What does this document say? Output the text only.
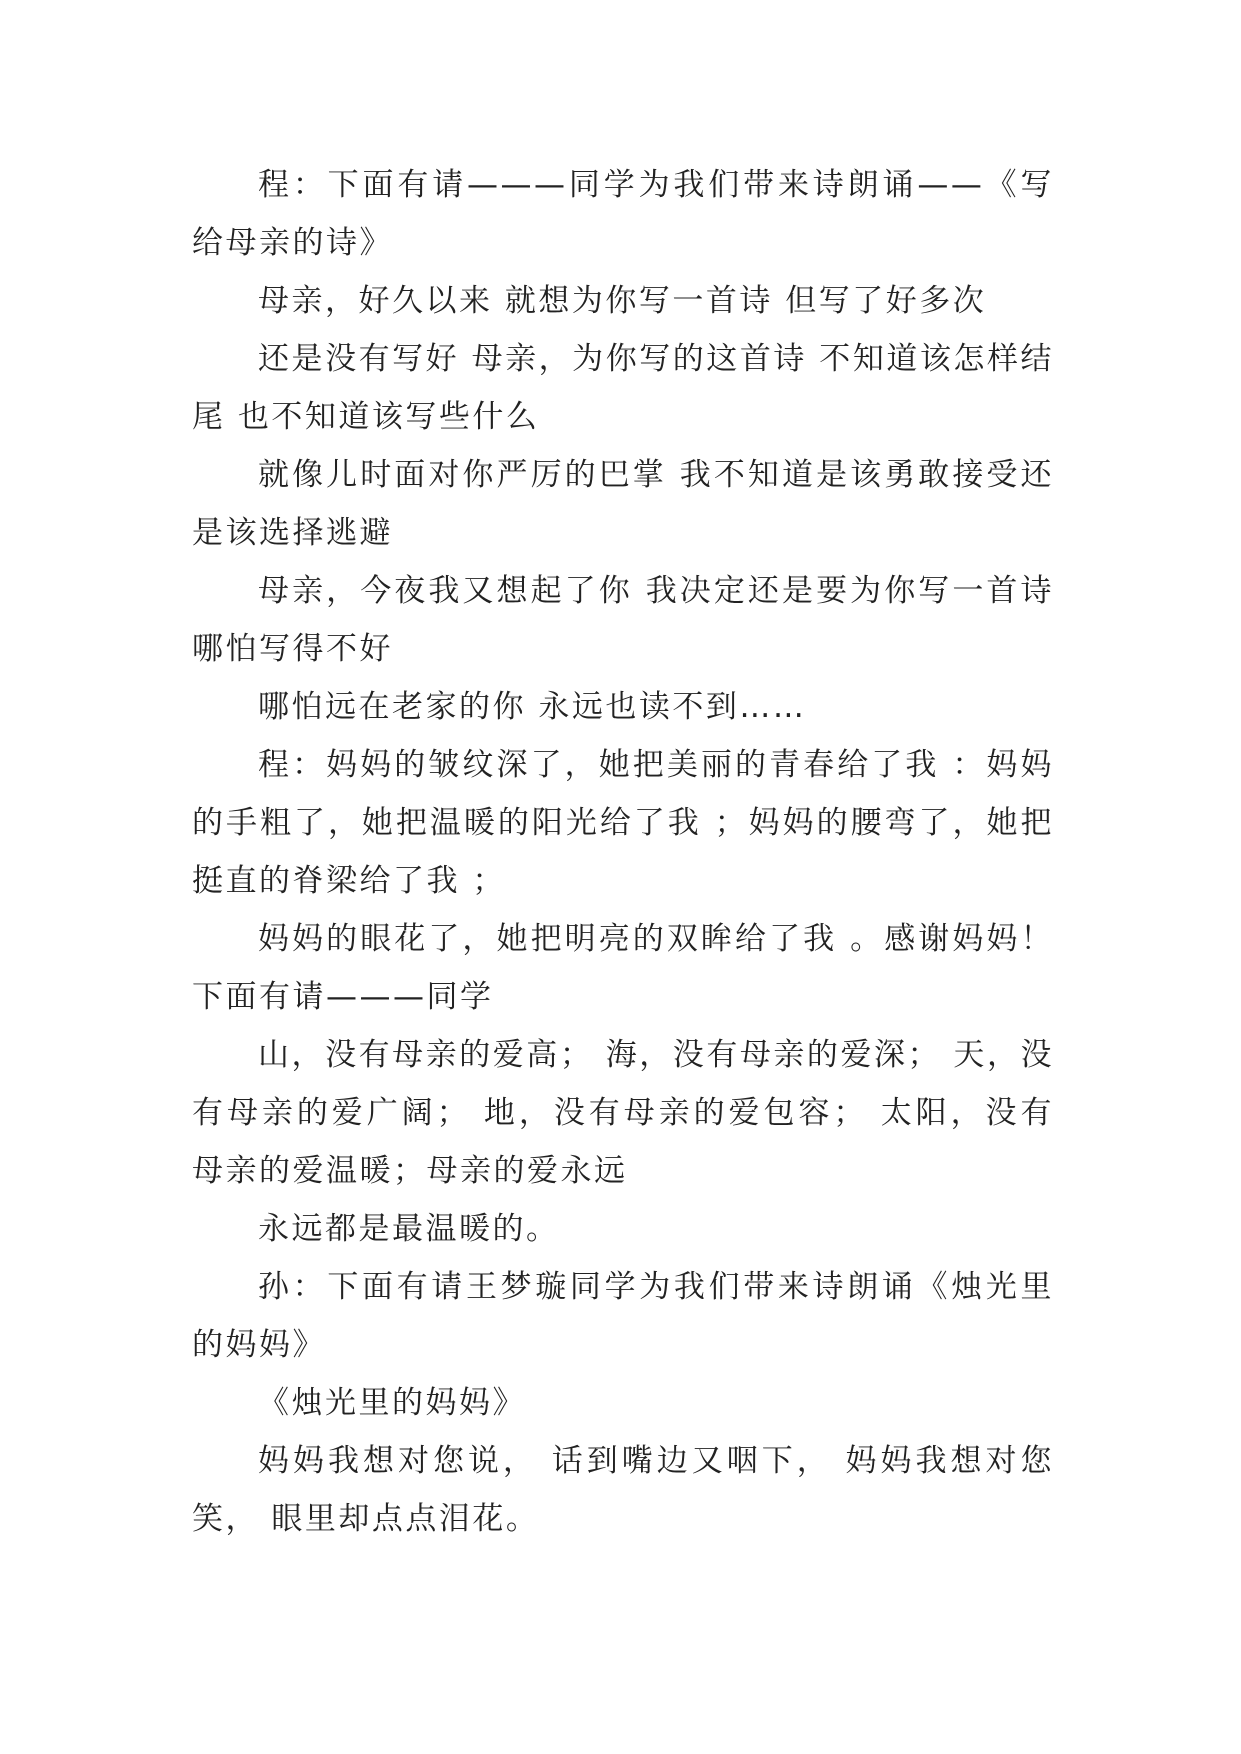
程：下面有请———同学为我们带来诗朗诵——《写给母亲的诗》

母亲，好久以来 就想为你写一首诗 但写了好多次

还是没有写好 母亲，为你写的这首诗 不知道该怎样结尾 也不知道该写些什么

就像儿时面对你严厉的巴掌 我不知道是该勇敢接受还是该选择逃避

母亲，今夜我又想起了你 我决定还是要为你写一首诗哪怕写得不好

哪怕远在老家的你 永远也读不到……

程：妈妈的皱纹深了，她把美丽的青春给了我 ：妈妈的手粗了，她把温暖的阳光给了我 ；妈妈的腰弯了，她把挺直的脊梁给了我 ；

妈妈的眼花了，她把明亮的双眸给了我 。感谢妈妈！下面有请———同学

山，没有母亲的爱高； 海，没有母亲的爱深； 天，没有母亲的爱广阔； 地，没有母亲的爱包容； 太阳，没有母亲的爱温暖；母亲的爱永远

永远都是最温暖的。

孙：下面有请王梦璇同学为我们带来诗朗诵《烛光里的妈妈》

《烛光里的妈妈》

妈妈我想对您说， 话到嘴边又咽下， 妈妈我想对您笑， 眼里却点点泪花。
